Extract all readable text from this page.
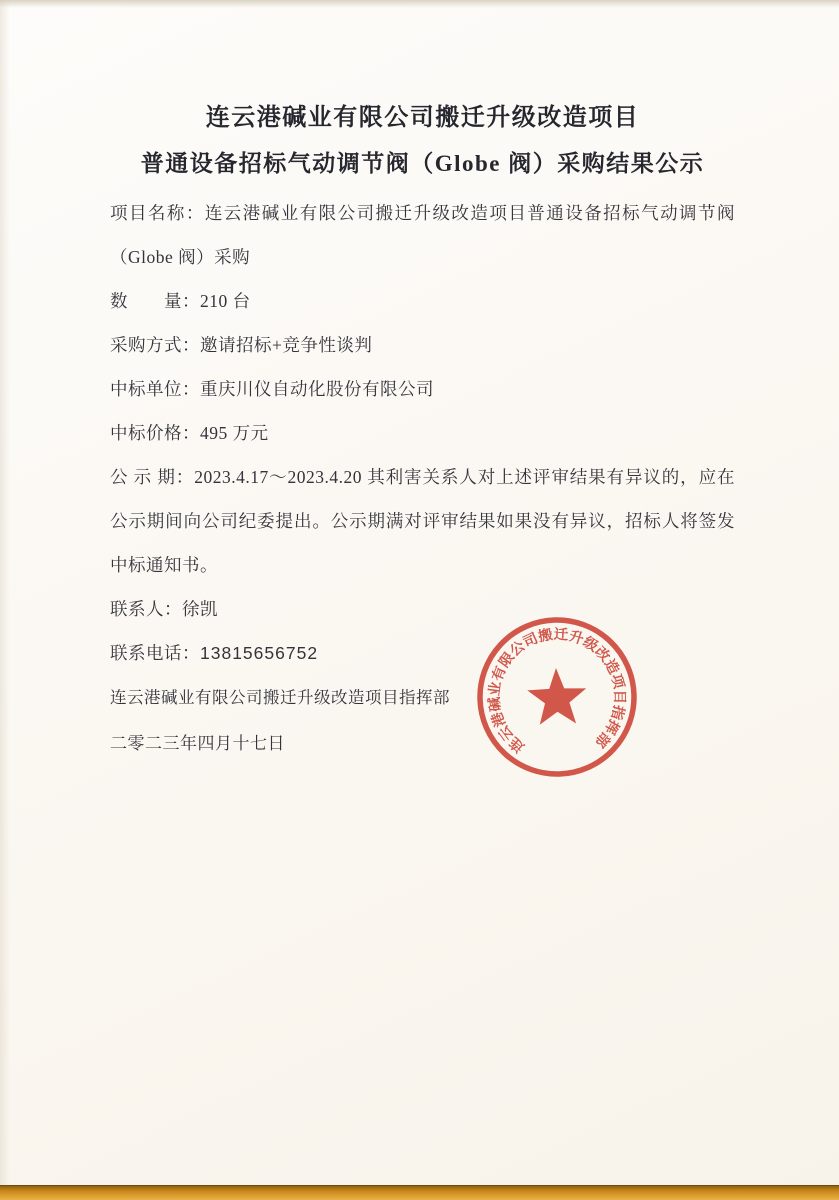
连云港碱业有限公司搬迁升级改造项目
普通设备招标气动调节阀（Globe 阀）采购结果公示

项目名称：连云港碱业有限公司搬迁升级改造项目普通设备招标气动调节阀（Globe 阀）采购

数　　量：210 台

采购方式：邀请招标+竞争性谈判

中标单位：重庆川仪自动化股份有限公司

中标价格：495 万元

公 示 期：2023.4.17～2023.4.20 其利害关系人对上述评审结果有异议的，应在公示期间向公司纪委提出。公示期满对评审结果如果没有异议，招标人将签发中标通知书。

联系人：徐凯

联系电话：13815656752

连云港碱业有限公司搬迁升级改造项目指挥部

二零二三年四月十七日	连云港碱业有限公司搬迁升级改造项目指挥部
